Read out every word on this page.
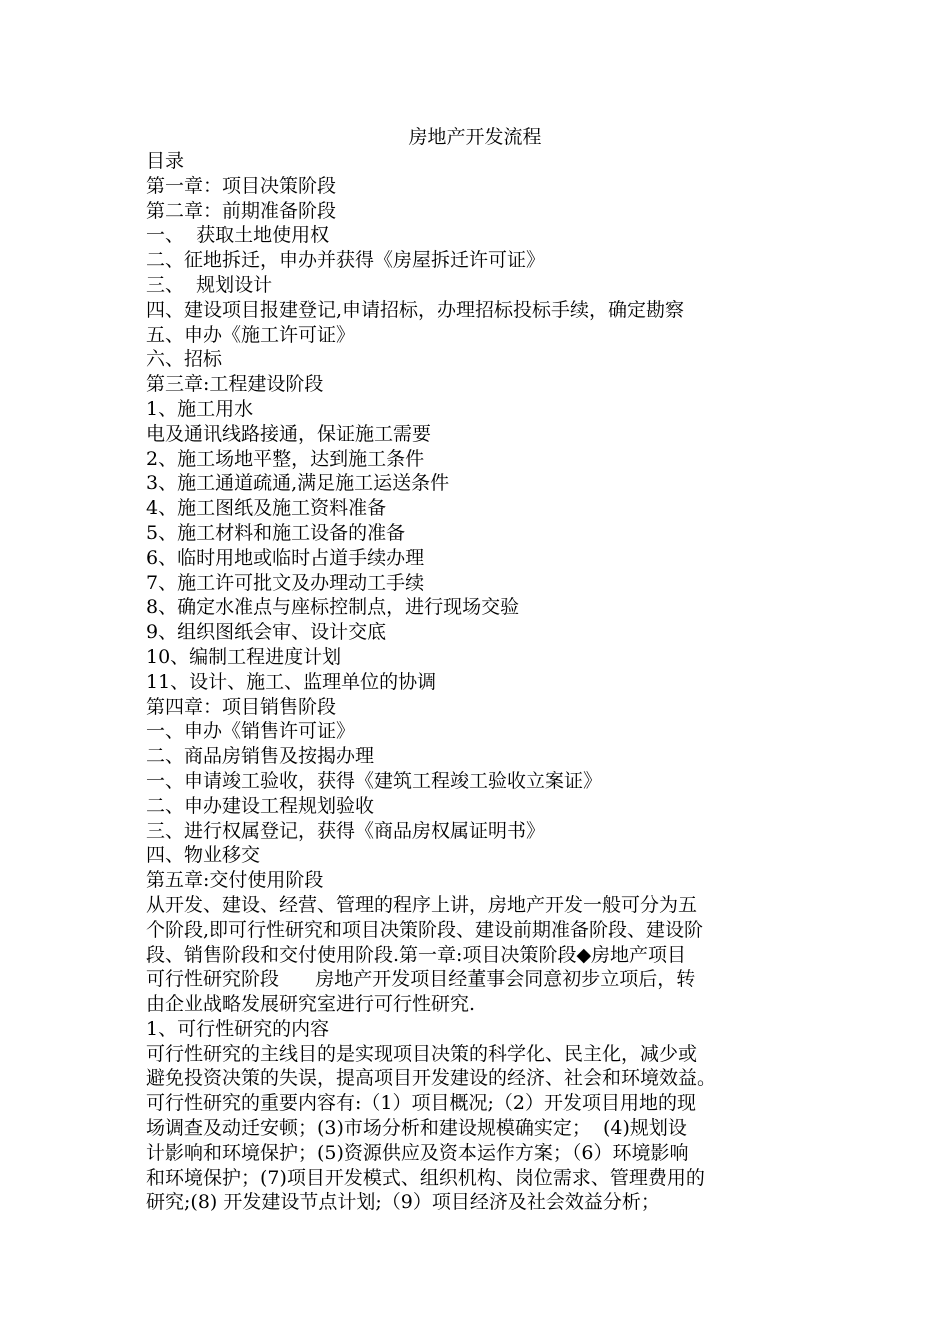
房地产开发流程
目录
第一章：项目决策阶段
第二章：前期准备阶段
一、  获取土地使用权
二、征地拆迁，申办并获得《房屋拆迁许可证》
三、  规划设计
四、建设项目报建登记,申请招标，办理招标投标手续，确定勘察
五、申办《施工许可证》
六、招标
第三章:工程建设阶段
1、施工用水
电及通讯线路接通，保证施工需要
2、施工场地平整，达到施工条件
3、施工通道疏通,满足施工运送条件
4、施工图纸及施工资料准备
5、施工材料和施工设备的准备
6、临时用地或临时占道手续办理
7、施工许可批文及办理动工手续
8、确定水准点与座标控制点，进行现场交验
9、组织图纸会审、设计交底
10、编制工程进度计划
11、设计、施工、监理单位的协调
第四章：项目销售阶段
一、申办《销售许可证》
二、商品房销售及按揭办理
一、申请竣工验收，获得《建筑工程竣工验收立案证》
二、申办建设工程规划验收
三、进行权属登记，获得《商品房权属证明书》
四、物业移交
第五章:交付使用阶段
从开发、建设、经营、管理的程序上讲，房地产开发一般可分为五
个阶段,即可行性研究和项目决策阶段、建设前期准备阶段、建设阶
段、销售阶段和交付使用阶段.第一章:项目决策阶段◆房地产项目
可行性研究阶段      房地产开发项目经董事会同意初步立项后，转
由企业战略发展研究室进行可行性研究.
1、可行性研究的内容
可行性研究的主线目的是实现项目决策的科学化、民主化，减少或
避免投资决策的失误，提高项目开发建设的经济、社会和环境效益。
可行性研究的重要内容有:（1）项目概况;（2）开发项目用地的现
场调查及动迁安顿；(3)市场分析和建设规模确实定；  (4)规划设
计影响和环境保护；(5)资源供应及资本运作方案；（6）环境影响
和环境保护；(7)项目开发模式、组织机构、岗位需求、管理费用的
研究;(8) 开发建设节点计划;（9）项目经济及社会效益分析；
